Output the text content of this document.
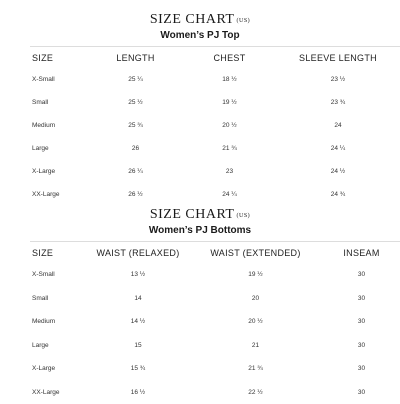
SIZE CHART (US)
Women’s PJ Top
SIZE	LENGTH	CHEST	SLEEVE LENGTH
X-Small	25 ¼	18 ½	23 ½
Small	25 ½	19 ½	23 ¾
Medium	25 ¾	20 ½	24
Large	26	21 ¾	24 ¼
X-Large	26 ¼	23	24 ½
XX-Large	26 ½	24 ¼	24 ¾
SIZE CHART (US)
Women’s PJ Bottoms
SIZE	WAIST (RELAXED)	WAIST (EXTENDED)	INSEAM
X-Small	13 ½	19 ½	30
Small	14	20	30
Medium	14 ½	20 ½	30
Large	15	21	30
X-Large	15 ¾	21 ¾	30
XX-Large	16 ½	22 ½	30
